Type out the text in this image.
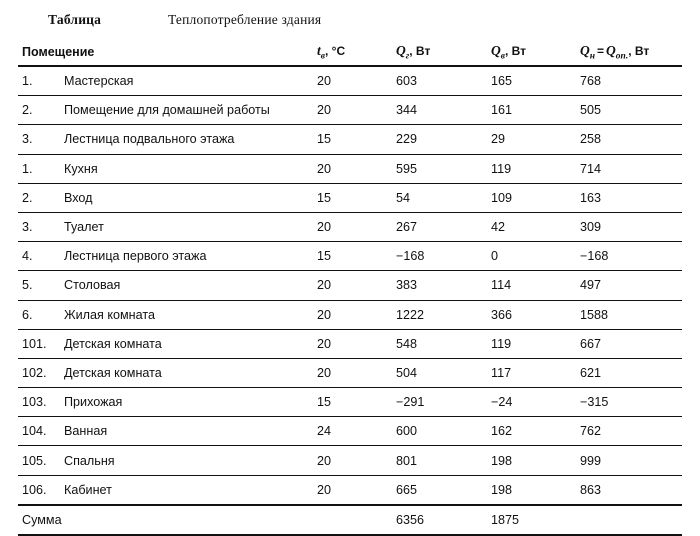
Таблица	Теплопотребление здания
Помещение		$t_в$, °C	$Q_г$, Вт	$Q_в$, Вт	$Q_н = Q_{оп.}$, Вт
1.	Мастерская	20	603	165	768
2.	Помещение для домашней работы	20	344	161	505
3.	Лестница подвального этажа	15	229	29	258
1.	Кухня	20	595	119	714
2.	Вход	15	54	109	163
3.	Туалет	20	267	42	309
4.	Лестница первого этажа	15	−168	0	−168
5.	Столовая	20	383	114	497
6.	Жилая комната	20	1222	366	1588
101.	Детская комната	20	548	119	667
102.	Детская комната	20	504	117	621
103.	Прихожая	15	−291	−24	−315
104.	Ванная	24	600	162	762
105.	Спальня	20	801	198	999
106.	Кабинет	20	665	198	863
Сумма			6356	1875	
